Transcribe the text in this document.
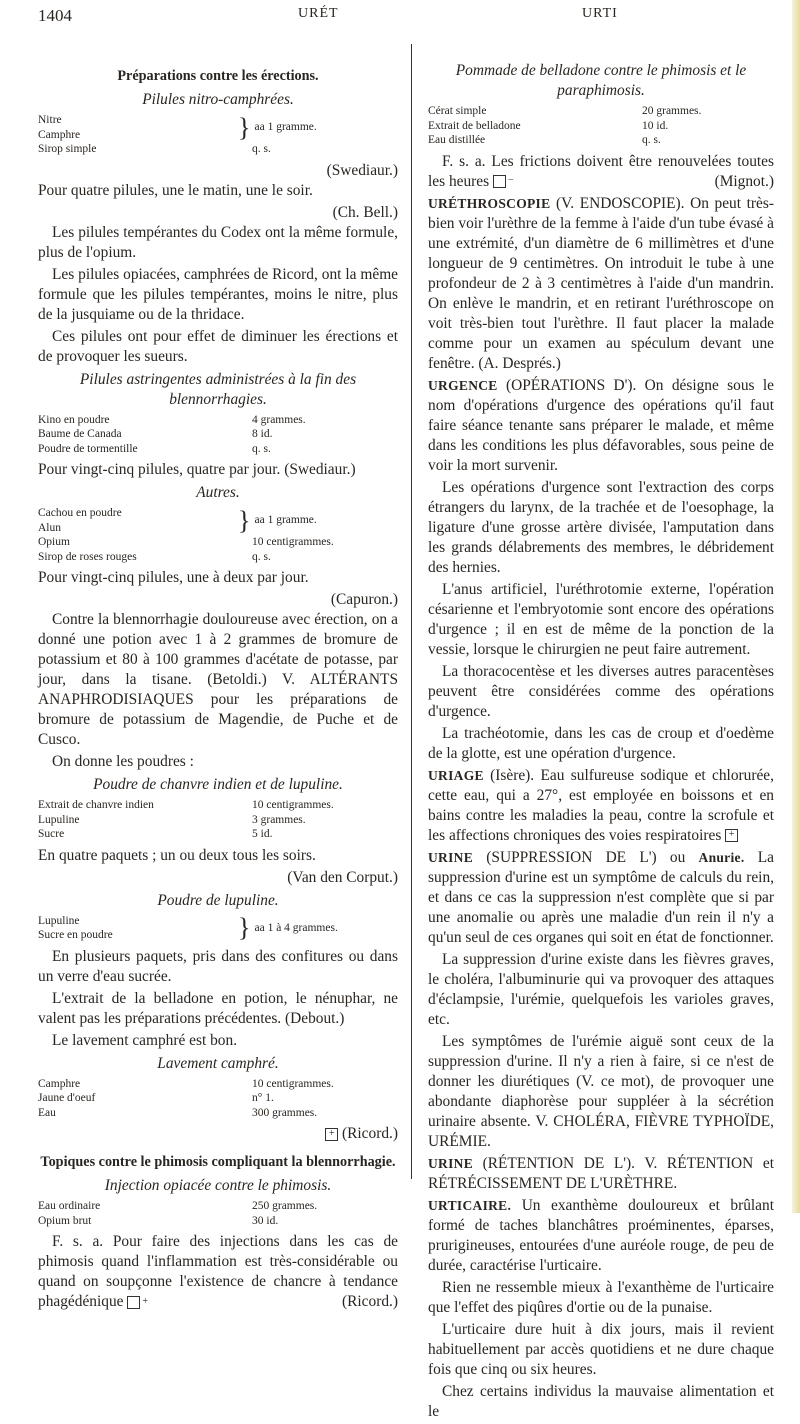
1404	URÉT	URTI
Préparations contre les érections.
Pilules nitro-camphrées.
Nitre
Camphre	} aa 1 gramme.
Sirop simple	q. s.
(Swediaur.)

Pour quatre pilules, une le matin, une le soir.

(Ch. Bell.)

Les pilules tempérantes du Codex ont la même formule, plus de l'opium.

Les pilules opiacées, camphrées de Ricord, ont la même formule que les pilules tempérantes, moins le nitre, plus de la jusquiame ou de la thridace.

Ces pilules ont pour effet de diminuer les érections et de provoquer les sueurs.

Pilules astringentes administrées à la fin des blennorrhagies.
Kino en poudre	4 grammes.
Baume de Canada	8 id.
Poudre de tormentille	q. s.

Pour vingt-cinq pilules, quatre par jour. (Swediaur.)

Autres.
Cachou en poudre
Alun	} aa 1 gramme.
Opium	10 centigrammes.
Sirop de roses rouges	q. s.

Pour vingt-cinq pilules, une à deux par jour.

(Capuron.)

Contre la blennorrhagie douloureuse avec érection, on a donné une potion avec 1 à 2 grammes de bromure de potassium et 80 à 100 grammes d'acétate de potasse, par jour, dans la tisane. (Betoldi.) V. ALTÉRANTS ANAPHRODISIAQUES pour les préparations de bromure de potassium de Magendie, de Puche et de Cusco.

On donne les poudres :

Poudre de chanvre indien et de lupuline.
Extrait de chanvre indien	10 centigrammes.
Lupuline	3 grammes.
Sucre	5 id.

En quatre paquets ; un ou deux tous les soirs.

(Van den Corput.)
Poudre de lupuline.
Lupuline
Sucre en poudre	} aa 1 à 4 grammes.

En plusieurs paquets, pris dans des confitures ou dans un verre d'eau sucrée.

L'extrait de la belladone en potion, le nénuphar, ne valent pas les préparations précédentes. (Debout.)

Le lavement camphré est bon.

Lavement camphré.
Camphre	10 centigrammes.
Jaune d'oeuf	n° 1.
Eau	300 grammes.
+ (Ricord.)
Topiques contre le phimosis compliquant la blennorrhagie.
Injection opiacée contre le phimosis.
Eau ordinaire	250 grammes.
Opium brut	30 id.

F. s. a. Pour faire des injections dans les cas de phimosis quand l'inflammation est très-considérable ou quand on soupçonne l'existence de chancre à tendance phagédénique +	(Ricord.)

Pommade de belladone contre le phimosis et le paraphimosis.
Cérat simple	20 grammes.
Extrait de belladone	10 id.
Eau distillée	q. s.

F. s. a. Les frictions doivent être renouvelées toutes les heures −	(Mignot.)

URÉTHROSCOPIE (V. ENDOSCOPIE). On peut très-bien voir l'urèthre de la femme à l'aide d'un tube évasé à une extrémité, d'un diamètre de 6 millimètres et d'une longueur de 9 centimètres. On introduit le tube à une profondeur de 2 à 3 centimètres à l'aide d'un mandrin. On enlève le mandrin, et en retirant l'uréthroscope on voit très-bien tout l'urèthre. Il faut placer la malade comme pour un examen au spéculum devant une fenêtre. (A. Després.)

URGENCE (OPÉRATIONS D'). On désigne sous le nom d'opérations d'urgence des opérations qu'il faut faire séance tenante sans préparer le malade, et même dans les conditions les plus défavorables, sous peine de voir la mort survenir.

Les opérations d'urgence sont l'extraction des corps étrangers du larynx, de la trachée et de l'oesophage, la ligature d'une grosse artère divisée, l'amputation dans les grands délabrements des membres, le débridement des hernies.

L'anus artificiel, l'uréthrotomie externe, l'opération césarienne et l'embryotomie sont encore des opérations d'urgence ; il en est de même de la ponction de la vessie, lorsque le chirurgien ne peut faire autrement.

La thoracocentèse et les diverses autres paracentèses peuvent être considérées comme des opérations d'urgence.

La trachéotomie, dans les cas de croup et d'oedème de la glotte, est une opération d'urgence.

URIAGE (Isère). Eau sulfureuse sodique et chlorurée, cette eau, qui a 27°, est employée en boissons et en bains contre les maladies la peau, contre la scrofule et les affections chroniques des voies respiratoires +

URINE (SUPPRESSION DE L') ou Anurie. La suppression d'urine est un symptôme de calculs du rein, et dans ce cas la suppression n'est complète que si par une anomalie ou après une maladie d'un rein il n'y a qu'un seul de ces organes qui soit en état de fonctionner.

La suppression d'urine existe dans les fièvres graves, le choléra, l'albuminurie qui va provoquer des attaques d'éclampsie, l'urémie, quelquefois les varioles graves, etc.

Les symptômes de l'urémie aiguë sont ceux de la suppression d'urine. Il n'y a rien à faire, si ce n'est de donner les diurétiques (V. ce mot), de provoquer une abondante diaphorèse pour suppléer à la sécrétion urinaire absente. V. CHOLÉRA, FIÈVRE TYPHOÏDE, URÉMIE.

URINE (RÉTENTION DE L'). V. RÉTENTION et RÉTRÉCISSEMENT DE L'URÈTHRE.

URTICAIRE. Un exanthème douloureux et brûlant formé de taches blanchâtres proéminentes, éparses, prurigineuses, entourées d'une auréole rouge, de peu de durée, caractérise l'urticaire.

Rien ne ressemble mieux à l'exanthème de l'urticaire que l'effet des piqûres d'ortie ou de la punaise.

L'urticaire dure huit à dix jours, mais il revient habituellement par accès quotidiens et ne dure chaque fois que cinq ou six heures.

Chez certains individus la mauvaise alimentation et le
